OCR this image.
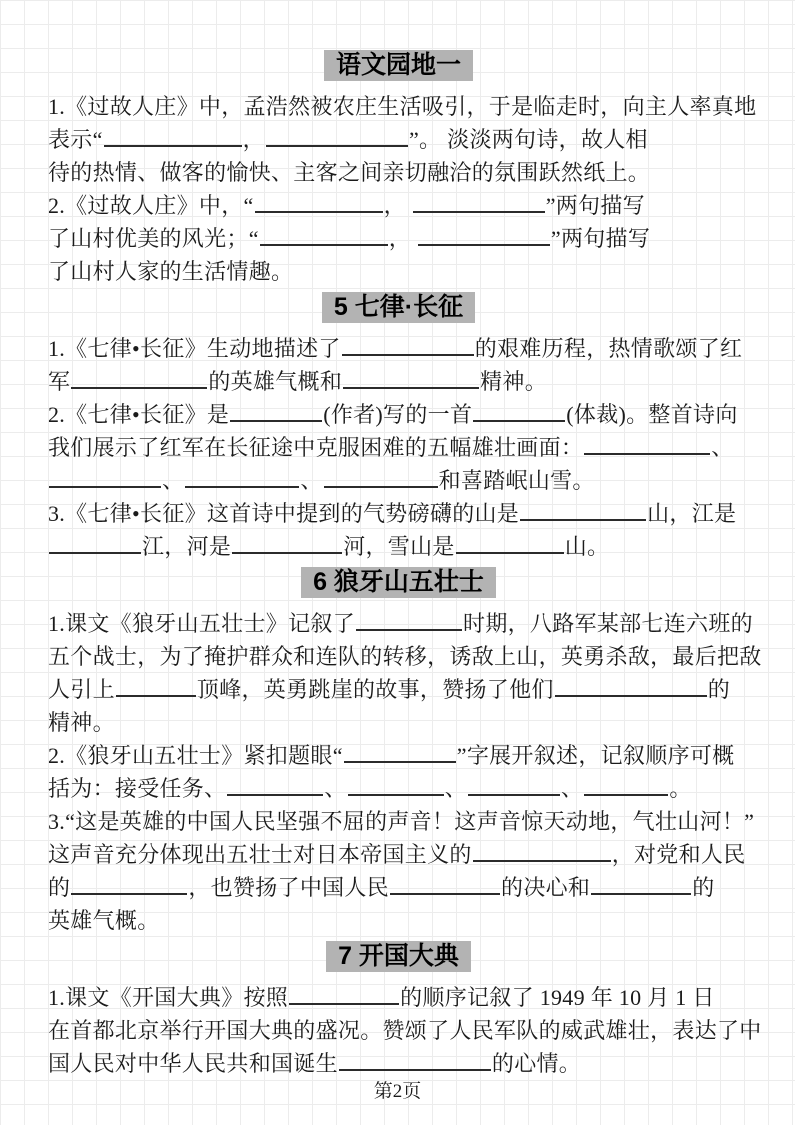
语文园地一
1.《过故人庄》中，孟浩然被农庄生活吸引，于是临走时，向主人率真地
表示“	，	”。 淡淡两句诗，故人相
待的热情、做客的愉快、主客之间亲切融洽的氛围跃然纸上。
2.《过故人庄》中，“	，	”两句描写
了山村优美的风光；“	，	”两句描写
了山村人家的生活情趣。
5 七律·长征
1.《七律•长征》生动地描述了	的艰难历程，热情歌颂了红
军	的英雄气概和	精神。
2.《七律•长征》是	(作者)写的一首	(体裁)。整首诗向
我们展示了红军在长征途中克服困难的五幅雄壮画面：	、
、	、	和喜踏岷山雪。
3.《七律•长征》这首诗中提到的气势磅礴的山是	山，江是
江，河是	河，雪山是	山。
6 狼牙山五壮士
1.课文《狼牙山五壮士》记叙了	时期，八路军某部七连六班的
五个战士，为了掩护群众和连队的转移，诱敌上山，英勇杀敌，最后把敌
人引上	顶峰，英勇跳崖的故事，赞扬了他们	的
精神。
2.《狼牙山五壮士》紧扣题眼“	”字展开叙述，记叙顺序可概
括为：接受任务、	、	、	、	。
3.“这是英雄的中国人民坚强不屈的声音！这声音惊天动地，气壮山河！”
这声音充分体现出五壮士对日本帝国主义的	，对党和人民
的	，也赞扬了中国人民	的决心和	的
英雄气概。
7 开国大典
1.课文《开国大典》按照	的顺序记叙了 1949 年 10 月 1 日
在首都北京举行开国大典的盛况。赞颂了人民军队的威武雄壮，表达了中
国人民对中华人民共和国诞生	的心情。
第2页
